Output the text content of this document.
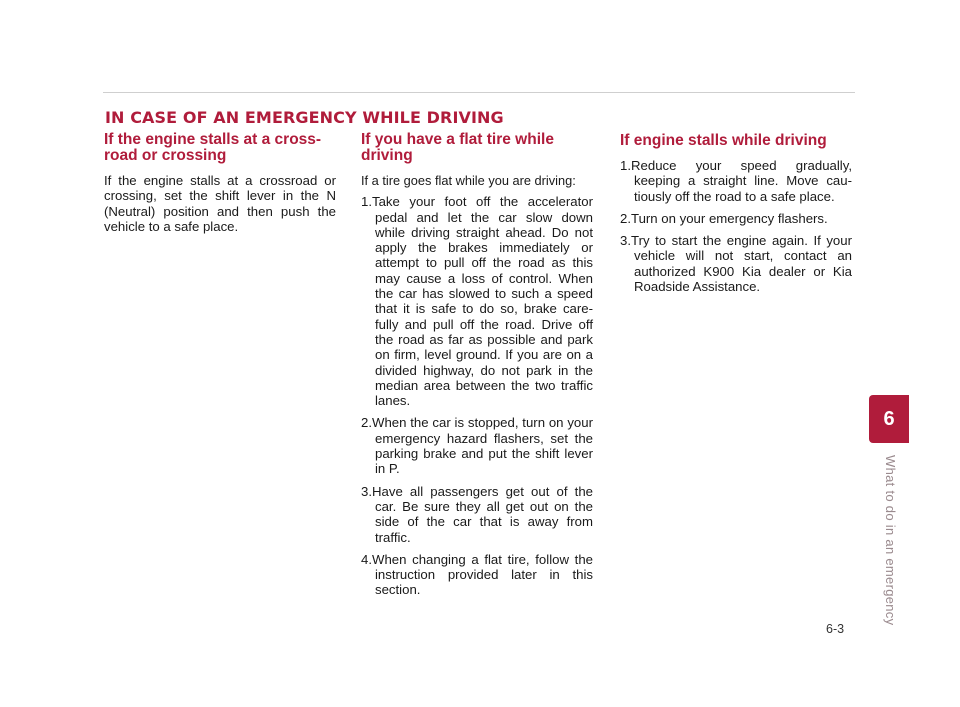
IN CASE OF AN EMERGENCY WHILE DRIVING
If the engine stalls at a cross-road or crossing

If the engine stalls at a crossroad or crossing, set the shift lever in the N (Neutral) position and then push the vehicle to a safe place.

If you have a flat tire while driving

If a tire goes flat while you are driving:

1.Take your foot off the accelerator pedal and let the car slow down while driving straight ahead. Do not apply the brakes immediately or attempt to pull off the road as this may cause a loss of control. When the car has slowed to such a speed that it is safe to do so, brake care-fully and pull off the road. Drive off the road as far as possible and park on firm, level ground. If you are on a divided highway, do not park in the median area between the two traffic lanes.
2.When the car is stopped, turn on your emergency hazard flashers, set the parking brake and put the shift lever in P.
3.Have all passengers get out of the car. Be sure they all get out on the side of the car that is away from traffic.
4.When changing a flat tire, follow the instruction provided later in this section.
If engine stalls while driving
1.Reduce your speed gradually, keeping a straight line. Move cau-tiously off the road to a safe place.
2.Turn on your emergency flashers.
3.Try to start the engine again. If your vehicle will not start, contact an authorized K900 Kia dealer or Kia Roadside Assistance.
6
What to do in an emergency
6-3
